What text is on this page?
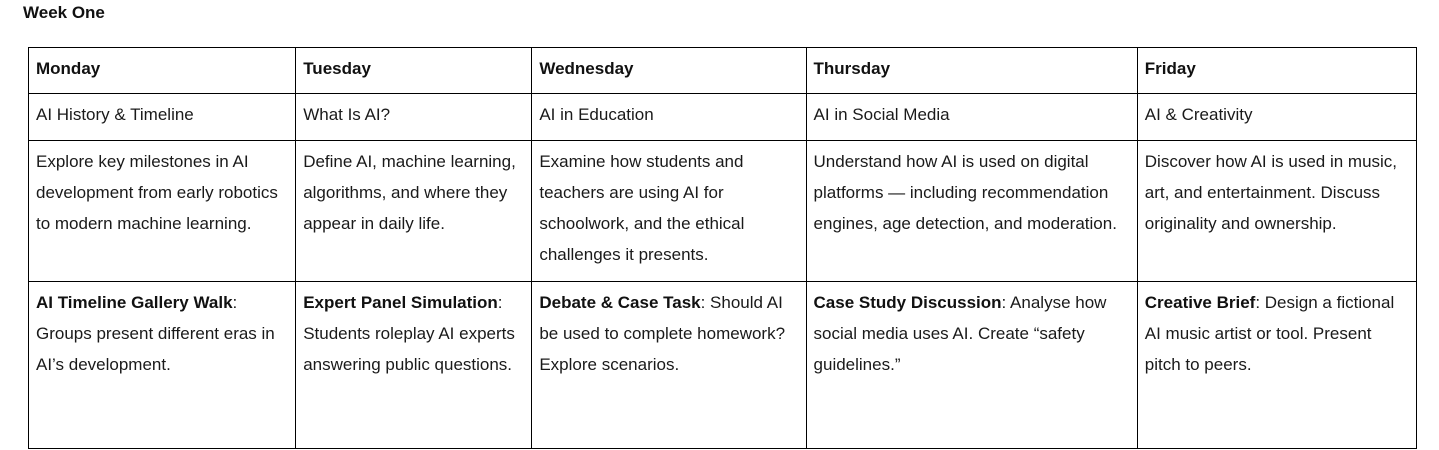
Week One
Monday	Tuesday	Wednesday	Thursday	Friday
AI History & Timeline	What Is AI?	AI in Education	AI in Social Media	AI & Creativity
Explore key milestones in AI development from early robotics to modern machine learning.	Define AI, machine learning, algorithms, and where they appear in daily life.	Examine how students and teachers are using AI for schoolwork, and the ethical challenges it presents.	Understand how AI is used on digital platforms — including recommendation engines, age detection, and moderation.	Discover how AI is used in music, art, and entertainment. Discuss originality and ownership.
AI Timeline Gallery Walk: Groups present different eras in AI’s development.	Expert Panel Simulation: Students roleplay AI experts answering public questions.	Debate & Case Task: Should AI be used to complete homework? Explore scenarios.	Case Study Discussion: Analyse how social media uses AI. Create “safety guidelines.”	Creative Brief: Design a fictional AI music artist or tool. Present pitch to peers.
